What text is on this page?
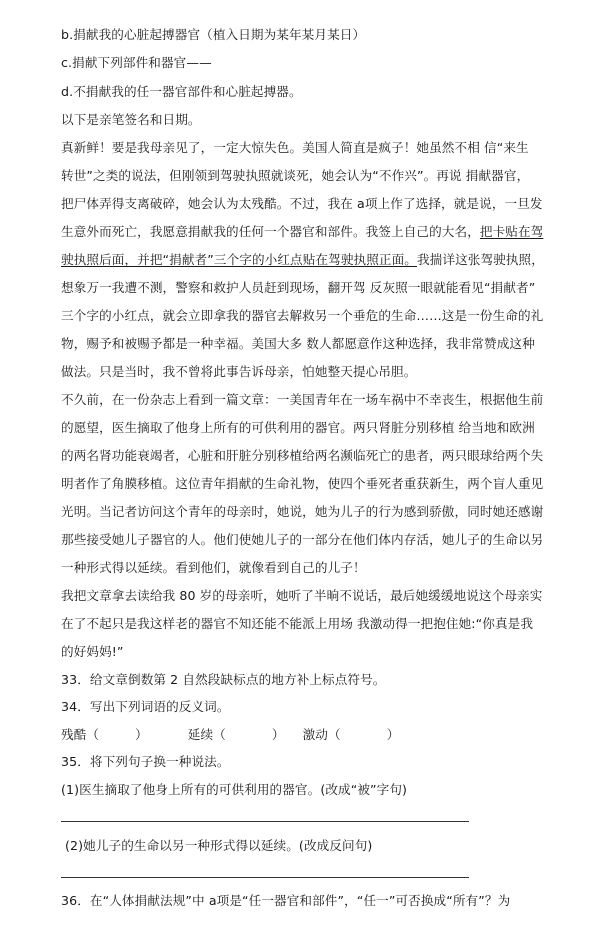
b.捐献我的心脏起搏器官（植入日期为某年某月某日）
c.捐献下列部件和器官——
d.不捐献我的任一器官部件和心脏起搏器。
以下是亲笔签名和日期。
真新鲜！要是我母亲见了，一定大惊失色。美国人简直是疯子！她虽然不相 信“来生
转世”之类的说法，但刚领到驾驶执照就谈死，她会认为“不作兴”。再说 捐献器官，
把尸体弄得支离破碎，她会认为太残酷。不过，我在 a项上作了选择，就是说，一旦发
生意外而死亡，我愿意捐献我的任何一个器官和部件。我签上自己的大名，把卡贴在驾
驶执照后面，并把“捐献者”三个字的小红点贴在驾驶执照正面。我揣详这张驾驶执照，
想象万一我遭不测，警察和救护人员赶到现场，翻开驾 反灰照一眼就能看见“捐献者”
三个字的小红点，就会立即拿我的器官去解救另一个垂危的生命……这是一份生命的礼
物，赐予和被赐予都是一种幸福。美国大多 数人都愿意作这种选择，我非常赞成这种
做法。只是当时，我不曾将此事告诉母亲，怕她整天提心吊胆。
不久前，在一份杂志上看到一篇文章：一美国青年在一场车祸中不幸丧生，根据他生前
的愿望，医生摘取了他身上所有的可供利用的器官。两只肾脏分别移植 给当地和欧洲
的两名肾功能衰竭者，心脏和肝脏分别移植给两名濒临死亡的患者，两只眼球给两个失
明者作了角膜移植。这位青年捐献的生命礼物，使四个垂死者重获新生，两个盲人重见
光明。当记者访问这个青年的母亲时，她说，她为儿子的行为感到骄傲，同时她还感谢
那些接受她儿子器官的人。他们使她儿子的一部分在他们体内存活，她儿子的生命以另
一种形式得以延续。看到他们，就像看到自己的儿子！
我把文章拿去读给我 80 岁的母亲听，她听了半晌不说话，最后她缓缓地说这个母亲实
在了不起只是我这样老的器官不知还能不能派上用场 我激动得一把抱住她:“你真是我
的好妈妈!”
33．给文章倒数第 2 自然段缺标点的地方补上标点符号。
34．写出下列词语的反义词。
残酷（	）	延续（	） 激动（	）
35．将下列句子换一种说法。
(1)医生摘取了他身上所有的可供利用的器官。(改成“被”字句)
(2)她儿子的生命以另一种形式得以延续。(改成反问句)
36．在“人体捐献法规”中 a项是“任一器官和部件”，“任一”可否换成“所有”？为
